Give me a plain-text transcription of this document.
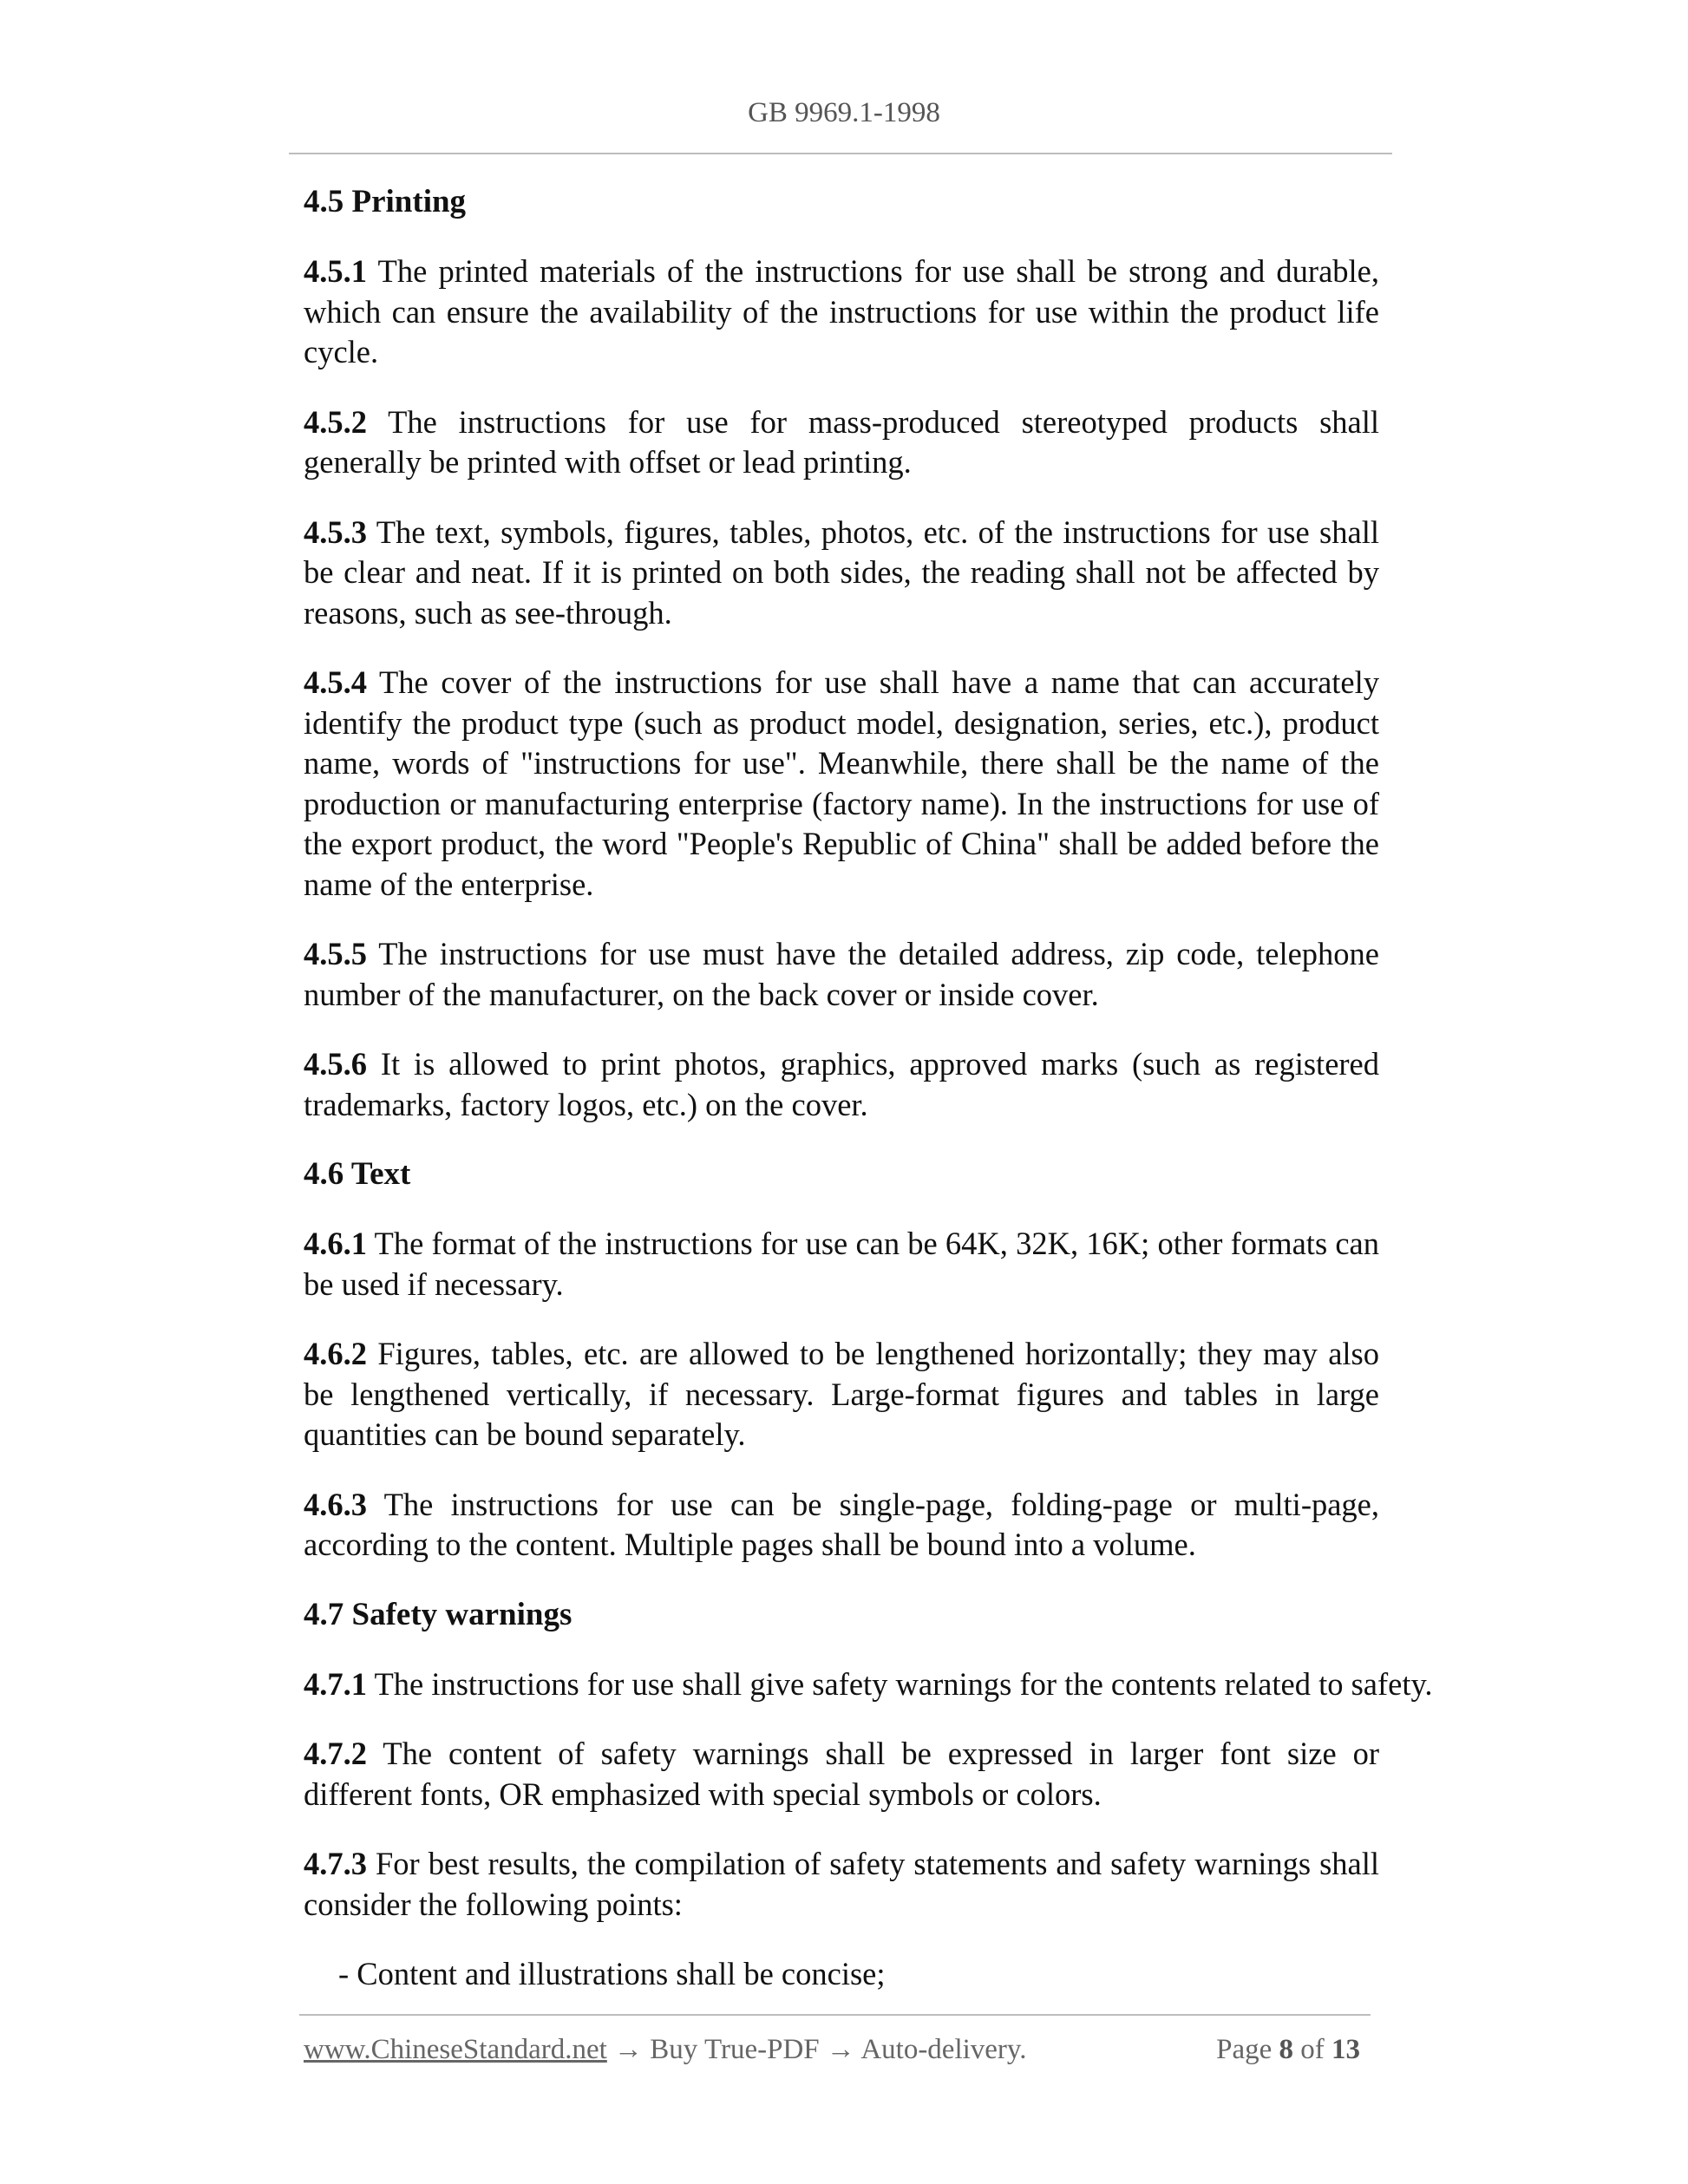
GB 9969.1-1998
4.5 Printing

4.5.1 The printed materials of the instructions for use shall be strong and durable, which can ensure the availability of the instructions for use within the product life cycle.

4.5.2 The instructions for use for mass-produced stereotyped products shall generally be printed with offset or lead printing.

4.5.3 The text, symbols, figures, tables, photos, etc. of the instructions for use shall be clear and neat. If it is printed on both sides, the reading shall not be affected by reasons, such as see-through.

4.5.4 The cover of the instructions for use shall have a name that can accurately identify the product type (such as product model, designation, series, etc.), product name, words of "instructions for use". Meanwhile, there shall be the name of the production or manufacturing enterprise (factory name). In the instructions for use of the export product, the word "People's Republic of China" shall be added before the name of the enterprise.

4.5.5 The instructions for use must have the detailed address, zip code, telephone number of the manufacturer, on the back cover or inside cover.

4.5.6 It is allowed to print photos, graphics, approved marks (such as registered trademarks, factory logos, etc.) on the cover.

4.6 Text

4.6.1 The format of the instructions for use can be 64K, 32K, 16K; other formats can be used if necessary.

4.6.2 Figures, tables, etc. are allowed to be lengthened horizontally; they may also be lengthened vertically, if necessary. Large-format figures and tables in large quantities can be bound separately.

4.6.3 The instructions for use can be single-page, folding-page or multi-page, according to the content. Multiple pages shall be bound into a volume.

4.7 Safety warnings

4.7.1 The instructions for use shall give safety warnings for the contents related to safety.

4.7.2 The content of safety warnings shall be expressed in larger font size or different fonts, OR emphasized with special symbols or colors.

4.7.3 For best results, the compilation of safety statements and safety warnings shall consider the following points:

- Content and illustrations shall be concise;

www.ChineseStandard.net → Buy True-PDF → Auto-delivery.	Page 8 of 13
